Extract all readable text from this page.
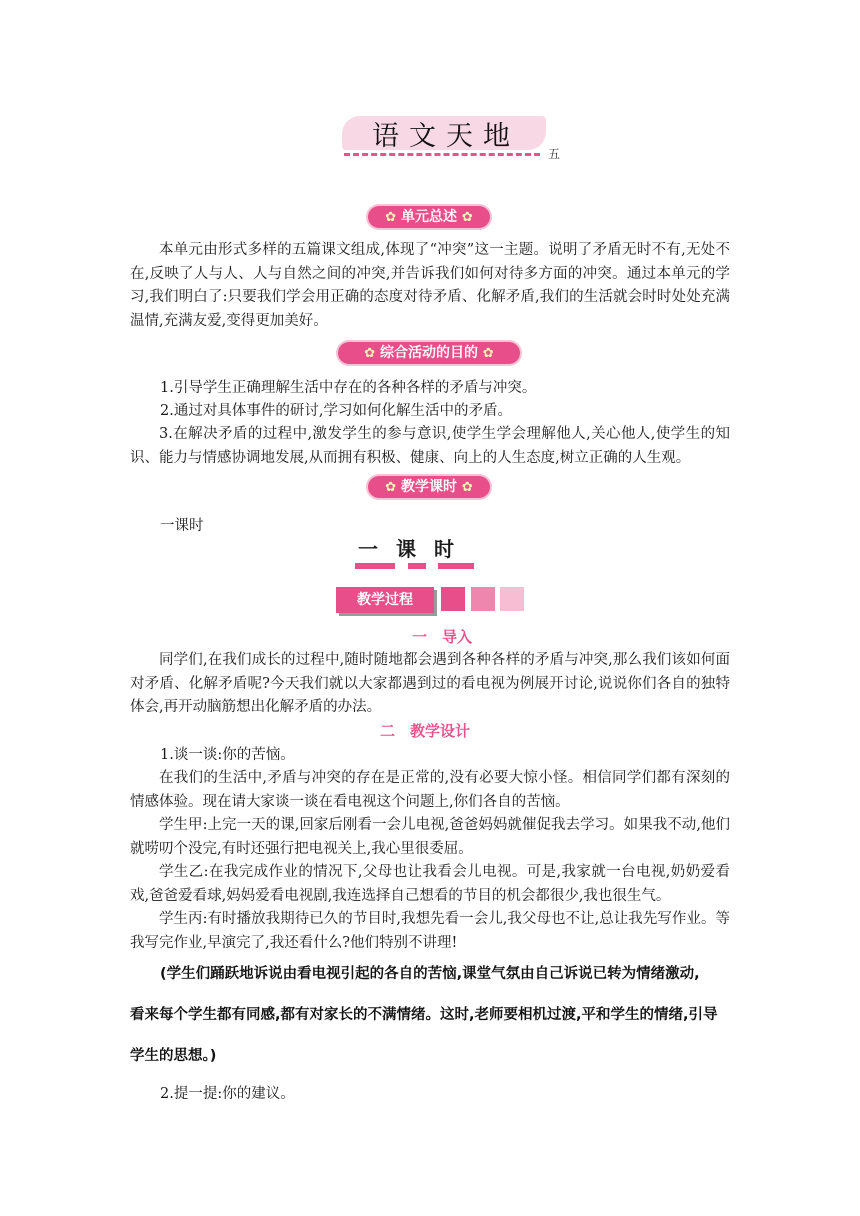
语文天地
五
✿ 单元总述 ✿
本单元由形式多样的五篇课文组成,体现了“冲突”这一主题。说明了矛盾无时不有,无处不在,反映了人与人、人与自然之间的冲突,并告诉我们如何对待多方面的冲突。通过本单元的学习,我们明白了:只要我们学会用正确的态度对待矛盾、化解矛盾,我们的生活就会时时处处充满温情,充满友爱,变得更加美好。
✿ 综合活动的目的 ✿
1.引导学生正确理解生活中存在的各种各样的矛盾与冲突。
2.通过对具体事件的研讨,学习如何化解生活中的矛盾。
3.在解决矛盾的过程中,激发学生的参与意识,使学生学会理解他人,关心他人,使学生的知识、能力与情感协调地发展,从而拥有积极、健康、向上的人生态度,树立正确的人生观。
✿ 教学课时 ✿
一课时
一课时
教学过程
一　导入
同学们,在我们成长的过程中,随时随地都会遇到各种各样的矛盾与冲突,那么我们该如何面对矛盾、化解矛盾呢?今天我们就以大家都遇到过的看电视为例展开讨论,说说你们各自的独特体会,再开动脑筋想出化解矛盾的办法。
二　教学设计
1.谈一谈:你的苦恼。
在我们的生活中,矛盾与冲突的存在是正常的,没有必要大惊小怪。相信同学们都有深刻的情感体验。现在请大家谈一谈在看电视这个问题上,你们各自的苦恼。
学生甲:上完一天的课,回家后刚看一会儿电视,爸爸妈妈就催促我去学习。如果我不动,他们就唠叨个没完,有时还强行把电视关上,我心里很委屈。
学生乙:在我完成作业的情况下,父母也让我看会儿电视。可是,我家就一台电视,奶奶爱看戏,爸爸爱看球,妈妈爱看电视剧,我连选择自己想看的节目的机会都很少,我也很生气。
学生丙:有时播放我期待已久的节目时,我想先看一会儿,我父母也不让,总让我先写作业。等我写完作业,早演完了,我还看什么?他们特别不讲理!
(学生们踊跃地诉说由看电视引起的各自的苦恼,课堂气氛由自己诉说已转为情绪激动,
看来每个学生都有同感,都有对家长的不满情绪。这时,老师要相机过渡,平和学生的情绪,引导
学生的思想。)
2.提一提:你的建议。
